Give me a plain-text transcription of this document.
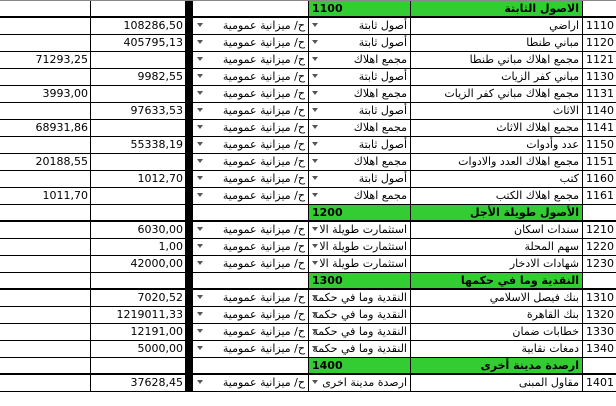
الاصول الثابتة
1100
1110
اراضي
أصول ثابتة
ح/ ميزانية عمومية
108286,50
1120
مباني طنطا
أصول ثابتة
ح/ ميزانية عمومية
405795,13
1121
مجمع اهلاك مباني طنطا
مجمع اهلاك
ح/ ميزانية عمومية
71293,25
1130
مباني كفر الزيات
أصول ثابتة
ح/ ميزانية عمومية
9982,55
1131
مجمع اهلاك مباني كفر الزيات
مجمع اهلاك
ح/ ميزانية عمومية
3993,00
1140
الاثاث
أصول ثابتة
ح/ ميزانية عمومية
97633,53
1141
مجمع اهلاك الاثاث
مجمع اهلاك
ح/ ميزانية عمومية
68931,86
1150
عدد وأدوات
أصول ثابتة
ح/ ميزانية عمومية
55338,19
1151
مجمع اهلاك العدد والادوات
مجمع اهلاك
ح/ ميزانية عمومية
20188,55
1160
كتب
أصول ثابتة
ح/ ميزانية عمومية
1012,70
1161
مجمع اهلاك الكتب
مجمع اهلاك
ح/ ميزانية عمومية
1011,70
الأصول طويلة الأجل
1200
1210
سندات اسكان
استثمارت طويلة الا
ح/ ميزانية عمومية
6030,00
1220
سهم المحلة
استثمارت طويلة الا
ح/ ميزانية عمومية
1,00
1230
شهادات الادخار
استثمارت طويلة الا
ح/ ميزانية عمومية
42000,00
النقدية وما في حكمها
1300
1310
بنك فيصل الاسلامي
النقدية وما في حكمه
ح/ ميزانية عمومية
7020,52
1320
بنك القاهرة
النقدية وما في حكمه
ح/ ميزانية عمومية
1219011,33
1330
خطابات ضمان
النقدية وما في حكمه
ح/ ميزانية عمومية
12191,00
1340
دمغات نقابية
النقدية وما في حكمه
ح/ ميزانية عمومية
5000,00
ارصدة مدينة أخرى
1400
1401
مقاول المبنى
ارصدة مدينة اخرى
ح/ ميزانية عمومية
37628,45
